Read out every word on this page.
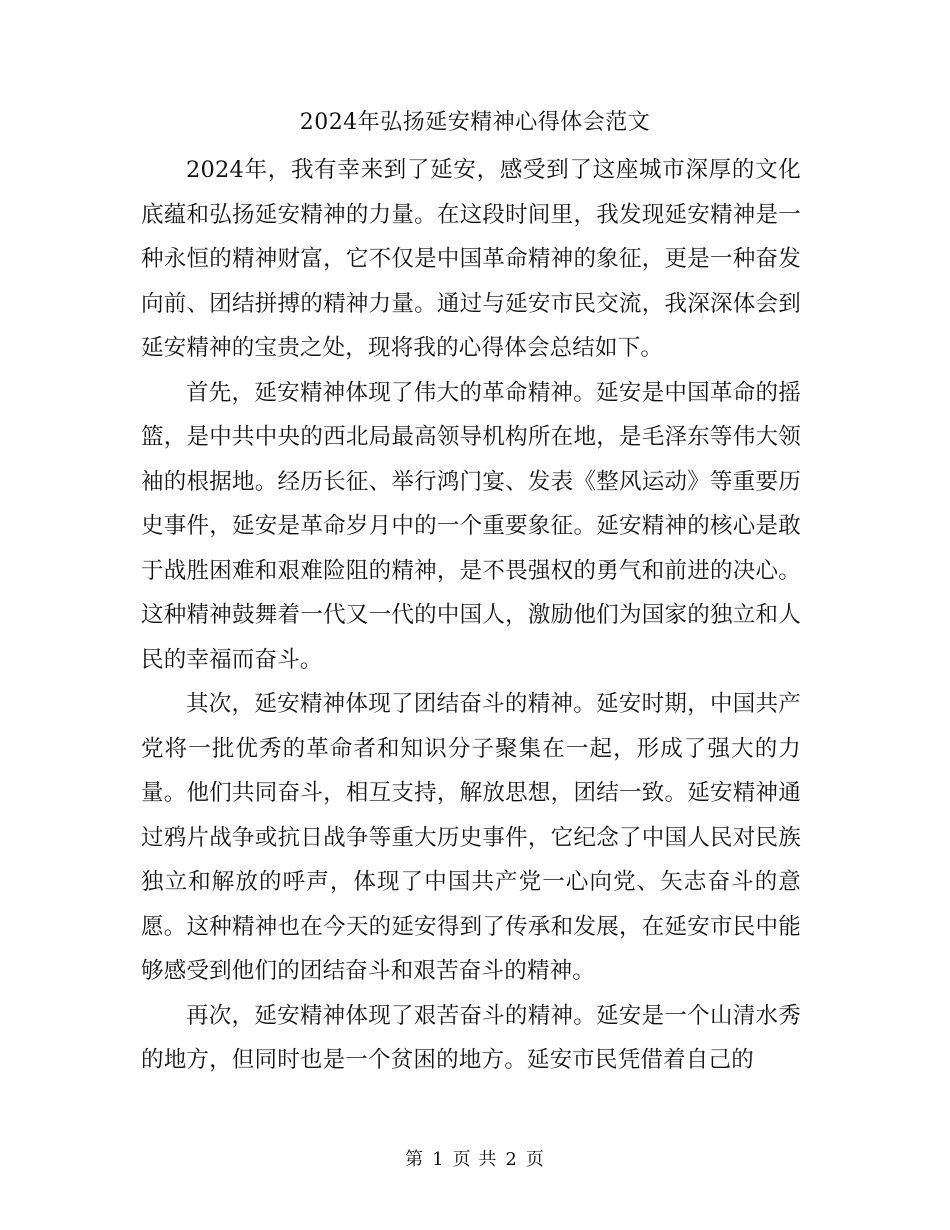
2024年弘扬延安精神心得体会范文

2024年，我有幸来到了延安，感受到了这座城市深厚的文化底蕴和弘扬延安精神的力量。在这段时间里，我发现延安精神是一种永恒的精神财富，它不仅是中国革命精神的象征，更是一种奋发向前、团结拼搏的精神力量。通过与延安市民交流，我深深体会到延安精神的宝贵之处，现将我的心得体会总结如下。

首先，延安精神体现了伟大的革命精神。延安是中国革命的摇篮，是中共中央的西北局最高领导机构所在地，是毛泽东等伟大领袖的根据地。经历长征、举行鸿门宴、发表《整风运动》等重要历史事件，延安是革命岁月中的一个重要象征。延安精神的核心是敢于战胜困难和艰难险阻的精神，是不畏强权的勇气和前进的决心。这种精神鼓舞着一代又一代的中国人，激励他们为国家的独立和人民的幸福而奋斗。

其次，延安精神体现了团结奋斗的精神。延安时期，中国共产党将一批优秀的革命者和知识分子聚集在一起，形成了强大的力量。他们共同奋斗，相互支持，解放思想，团结一致。延安精神通过鸦片战争或抗日战争等重大历史事件，它纪念了中国人民对民族独立和解放的呼声，体现了中国共产党一心向党、矢志奋斗的意愿。这种精神也在今天的延安得到了传承和发展，在延安市民中能够感受到他们的团结奋斗和艰苦奋斗的精神。

再次，延安精神体现了艰苦奋斗的精神。延安是一个山清水秀的地方，但同时也是一个贫困的地方。延安市民凭借着自己的

第 1 页 共 2 页
